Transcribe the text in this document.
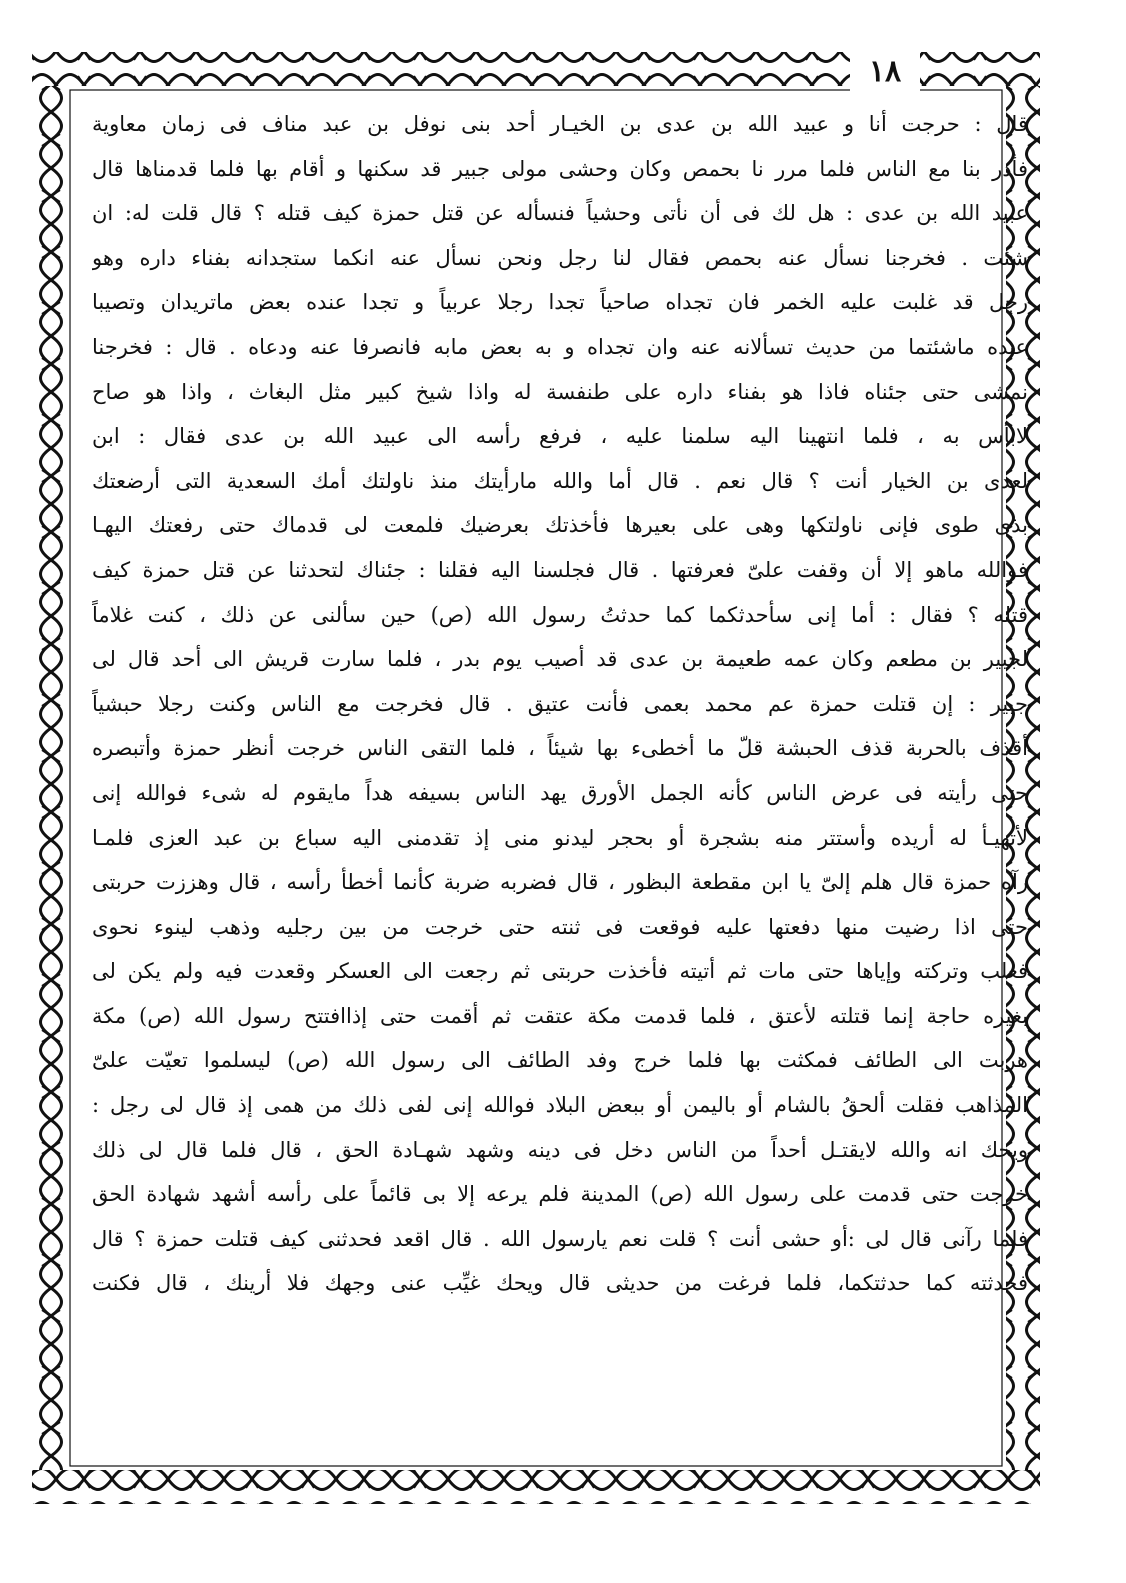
١٨
قال : حرجت أنا و عبيد الله بن عدى بن الخيـار أحد بنى نوفل بن عبد مناف فى زمان معاوية
فأدر بنا مع الناس فلما مرر نا بحمص وكان وحشى مولى جبير قد سكنها و أقام بها فلما قدمناها قال
عبيد الله بن عدى : هل لك فى أن نأتى وحشياً فنسأله عن قتل حمزة كيف قتله ؟ قال قلت له: ان
شئت . فخرجنا نسأل عنه بحمص فقال لنا رجل ونحن نسأل عنه انكما ستجدانه بفناء داره وهو
رجل قد غلبت عليه الخمر فان تجداه صاحياً تجدا رجلا عربياً و تجدا عنده بعض ماتريدان وتصيبا
عنده ماشئتما من حديث تسألانه عنه وان تجداه و به بعض مابه فانصرفا عنه ودعاه . قال : فخرجنا
نمشى حتى جئناه فاذا هو بفناء داره على طنفسة له واذا شيخ كبير مثل البغاث ، واذا هو صاح
لابأس به ، فلما انتهينا اليه سلمنا عليه ، فرفع رأسه الى عبيد الله بن عدى فقال : ابن
لعدى بن الخيار أنت ؟ قال نعم . قال أما والله مارأيتك منذ ناولتك أمك السعدية التى أرضعتك
بذى طوى فإنى ناولتكها وهى على بعيرها فأخذتك بعرضيك فلمعت لى قدماك حتى رفعتك اليهـا
فوالله ماهو إلا أن وقفت علىّ فعرفتها . قال فجلسنا اليه فقلنا : جئناك لتحدثنا عن قتل حمزة كيف
قتله ؟ فقال : أما إنى سأحدثكما كما حدثتُ رسول الله (ص) حين سألنى عن ذلك ، كنت غلاماً
لجبير بن مطعم وكان عمه طعيمة بن عدى قد أصيب يوم بدر ، فلما سارت قريش الى أحد قال لى
جبير : إن قتلت حمزة عم محمد بعمى فأنت عتيق . قال فخرجت مع الناس وكنت رجلا حبشياً
أقذف بالحربة قذف الحبشة قلّ ما أخطىء بها شيئاً ، فلما التقى الناس خرجت أنظر حمزة وأتبصره
حتى رأيته فى عرض الناس كأنه الجمل الأورق يهد الناس بسيفه هداً مايقوم له شىء فوالله إنى
لأتهيـأ له أريده وأستتر منه بشجرة أو بحجر ليدنو منى إذ تقدمنى اليه سباع بن عبد العزى فلمـا
رآه حمزة قال هلم إلىّ يا ابن مقطعة البظور ، قال فضربه ضربة كأنما أخطأ رأسه ، قال وهززت حربتى
حتى اذا رضيت منها دفعتها عليه فوقعت فى ثنته حتى خرجت من بين رجليه وذهب لينوء نحوى
فغلب وتركته وإياها حتى مات ثم أتيته فأخذت حربتى ثم رجعت الى العسكر وقعدت فيه ولم يكن لى
بغيره حاجة إنما قتلته لأعتق ، فلما قدمت مكة عتقت ثم أقمت حتى إذاافتتح رسول الله (ص) مكة
هربت الى الطائف فمكثت بها فلما خرج وفد الطائف الى رسول الله (ص) ليسلموا تعيّت علىّ
المذاهب فقلت ألحقُ بالشام أو باليمن أو ببعض البلاد فوالله إنى لفى ذلك من همى إذ قال لى رجل :
ويحك انه والله لايقتـل أحداً من الناس دخل فى دينه وشهد شهـادة الحق ، قال فلما قال لى ذلك
خرجت حتى قدمت على رسول الله (ص) المدينة فلم يرعه إلا بى قائماً على رأسه أشهد شهادة الحق
فلما رآنى قال لى :أو حشى أنت ؟ قلت نعم يارسول الله . قال اقعد فحدثنى كيف قتلت حمزة ؟ قال
فحدثته كما حدثتكما، فلما فرغت من حديثى قال ويحك غيِّب عنى وجهك فلا أرينك ، قال فكنت
